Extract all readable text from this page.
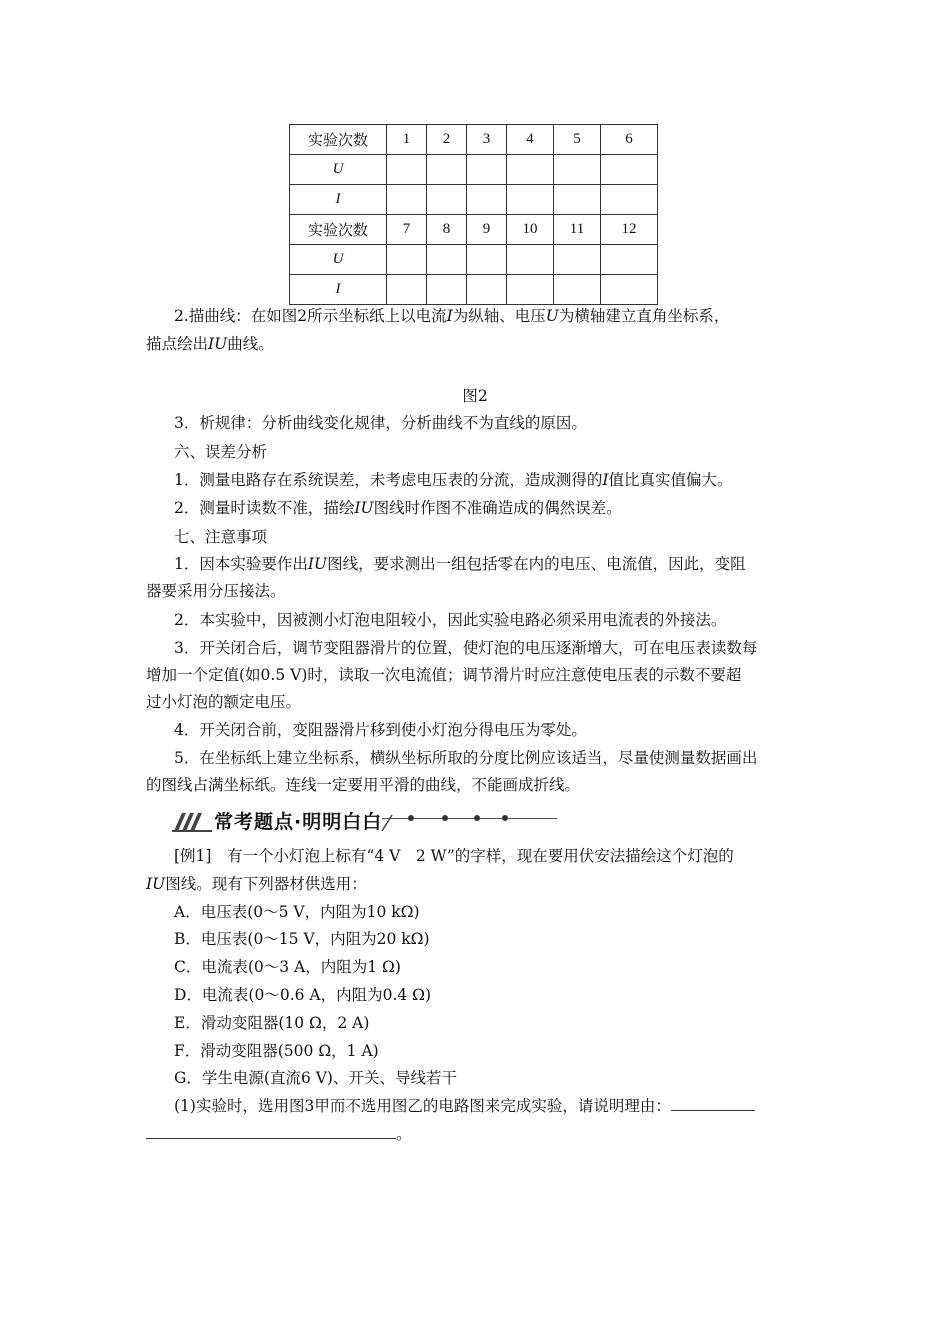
实验次数	1	2	3	4	5	6
U						
I						
实验次数	7	8	9	10	11	12
U						
I						
2.描曲线：在如图2所示坐标纸上以电流I为纵轴、电压U为横轴建立直角坐标系，
描点绘出IU曲线。
图2
3．析规律：分析曲线变化规律，分析曲线不为直线的原因。
六、误差分析
1．测量电路存在系统误差，未考虑电压表的分流，造成测得的I值比真实值偏大。
2．测量时读数不准，描绘IU图线时作图不准确造成的偶然误差。
七、注意事项
1．因本实验要作出IU图线，要求测出一组包括零在内的电压、电流值，因此，变阻
器要采用分压接法。
2．本实验中，因被测小灯泡电阻较小，因此实验电路必须采用电流表的外接法。
3．开关闭合后，调节变阻器滑片的位置，使灯泡的电压逐渐增大，可在电压表读数每
增加一个定值(如0.5 V)时，读取一次电流值；调节滑片时应注意使电压表的示数不要超
过小灯泡的额定电压。
4．开关闭合前，变阻器滑片移到使小灯泡分得电压为零处。
5．在坐标纸上建立坐标系，横纵坐标所取的分度比例应该适当，尽量使测量数据画出
的图线占满坐标纸。连线一定要用平滑的曲线，不能画成折线。
常考题点·明明白白
[例1]　有一个小灯泡上标有“4 V　2 W”的字样，现在要用伏安法描绘这个灯泡的
IU图线。现有下列器材供选用：
A．电压表(0～5 V，内阻为10 kΩ)
B．电压表(0～15 V，内阻为20 kΩ)
C．电流表(0～3 A，内阻为1 Ω)
D．电流表(0～0.6 A，内阻为0.4 Ω)
E．滑动变阻器(10 Ω，2 A)
F．滑动变阻器(500 Ω，1 A)
G．学生电源(直流6 V)、开关、导线若干
(1)实验时，选用图3甲而不选用图乙的电路图来完成实验，请说明理由：
。
